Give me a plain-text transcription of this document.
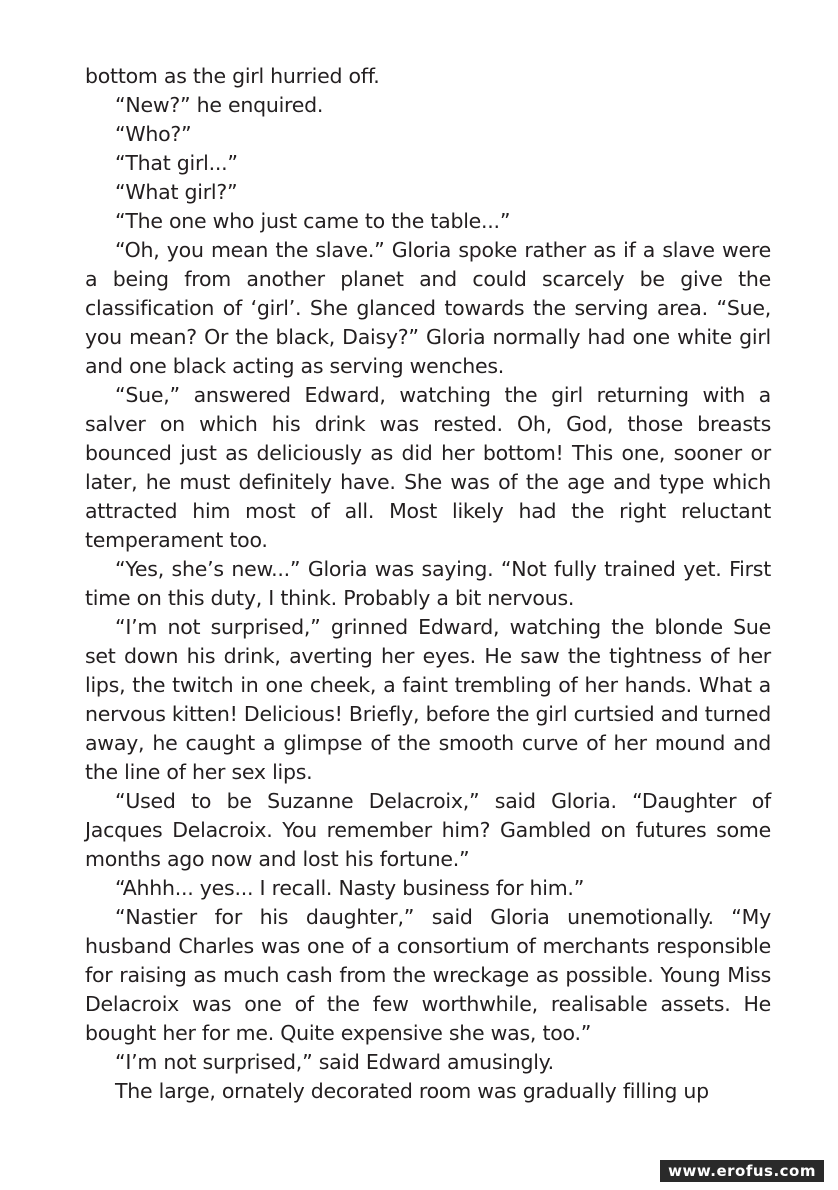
bottom as the girl hurried off.

“New?” he enquired.

“Who?”

“That girl...”

“What girl?”

“The one who just came to the table...”

“Oh, you mean the slave.” Gloria spoke rather as if a slave were a being from another planet and could scarcely be give the classification of ‘girl’. She glanced towards the serving area. “Sue, you mean? Or the black, Daisy?” Gloria normally had one white girl and one black acting as serving wenches.

“Sue,” answered Edward, watching the girl returning with a salver on which his drink was rested. Oh, God, those breasts bounced just as deliciously as did her bottom! This one, sooner or later, he must definitely have. She was of the age and type which attracted him most of all. Most likely had the right reluctant temperament too.

“Yes, she’s new...” Gloria was saying. “Not fully trained yet. First time on this duty, I think. Probably a bit nervous.

“I’m not surprised,” grinned Edward, watching the blonde Sue set down his drink, averting her eyes. He saw the tightness of her lips, the twitch in one cheek, a faint trembling of her hands. What a nervous kitten! Delicious! Briefly, before the girl curtsied and turned away, he caught a glimpse of the smooth curve of her mound and the line of her sex lips.

“Used to be Suzanne Delacroix,” said Gloria. “Daughter of Jacques Delacroix. You remember him? Gambled on futures some months ago now and lost his fortune.”

“Ahhh... yes... I recall. Nasty business for him.”

“Nastier for his daughter,” said Gloria unemotionally. “My husband Charles was one of a consortium of merchants responsible for raising as much cash from the wreckage as possible. Young Miss Delacroix was one of the few worthwhile, realisable assets. He bought her for me. Quite expensive she was, too.”

“I’m not surprised,” said Edward amusingly.

The large, ornately decorated room was gradually filling up

www.erofus.com
